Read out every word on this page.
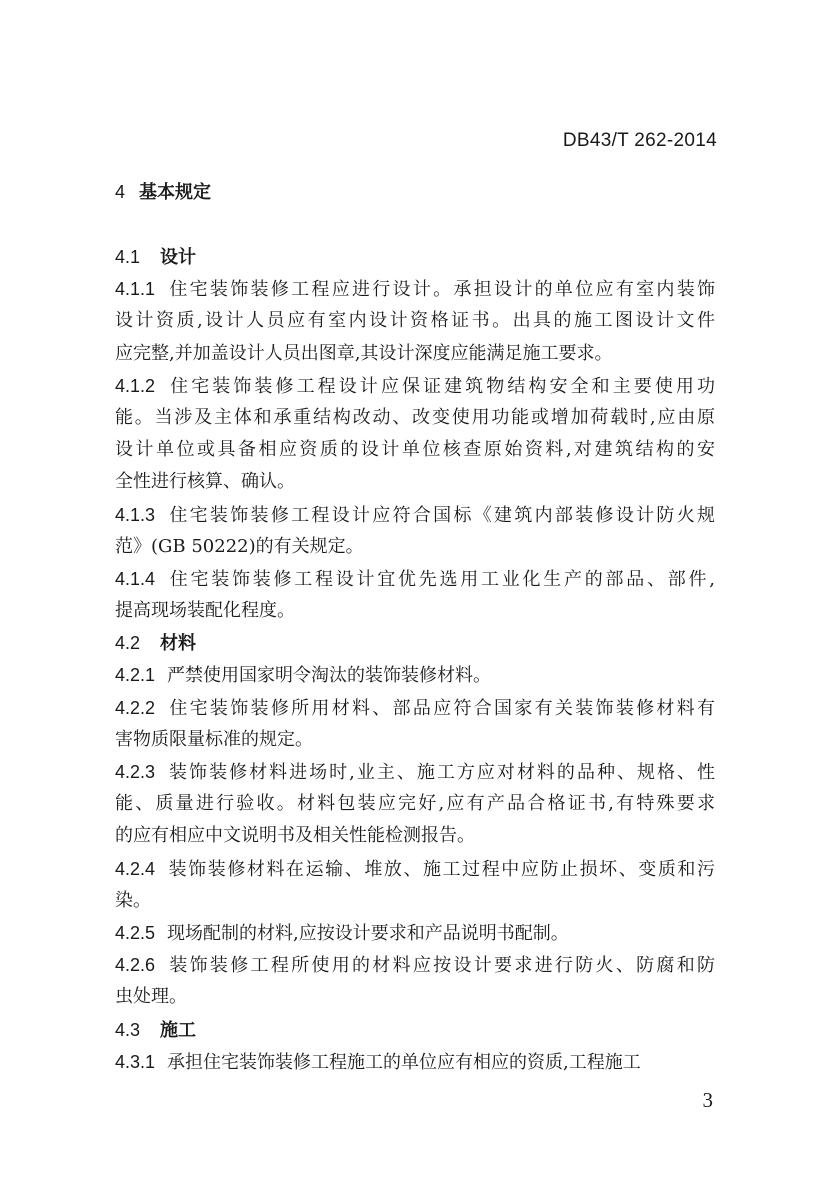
DB43/T 262-2014
4 基本规定
4.1 设计
4.1.1 住宅装饰装修工程应进行设计。承担设计的单位应有室内装饰
设计资质,设计人员应有室内设计资格证书。出具的施工图设计文件
应完整,并加盖设计人员出图章,其设计深度应能满足施工要求。
4.1.2 住宅装饰装修工程设计应保证建筑物结构安全和主要使用功
能。当涉及主体和承重结构改动、改变使用功能或增加荷载时,应由原
设计单位或具备相应资质的设计单位核查原始资料,对建筑结构的安
全性进行核算、确认。
4.1.3 住宅装饰装修工程设计应符合国标《建筑内部装修设计防火规
范》(GB 50222)的有关规定。
4.1.4 住宅装饰装修工程设计宜优先选用工业化生产的部品、部件,
提高现场装配化程度。
4.2 材料
4.2.1 严禁使用国家明令淘汰的装饰装修材料。
4.2.2 住宅装饰装修所用材料、部品应符合国家有关装饰装修材料有
害物质限量标准的规定。
4.2.3 装饰装修材料进场时,业主、施工方应对材料的品种、规格、性
能、质量进行验收。材料包装应完好,应有产品合格证书,有特殊要求
的应有相应中文说明书及相关性能检测报告。
4.2.4 装饰装修材料在运输、堆放、施工过程中应防止损坏、变质和污
染。
4.2.5 现场配制的材料,应按设计要求和产品说明书配制。
4.2.6 装饰装修工程所使用的材料应按设计要求进行防火、防腐和防
虫处理。
4.3 施工
4.3.1 承担住宅装饰装修工程施工的单位应有相应的资质,工程施工
3
